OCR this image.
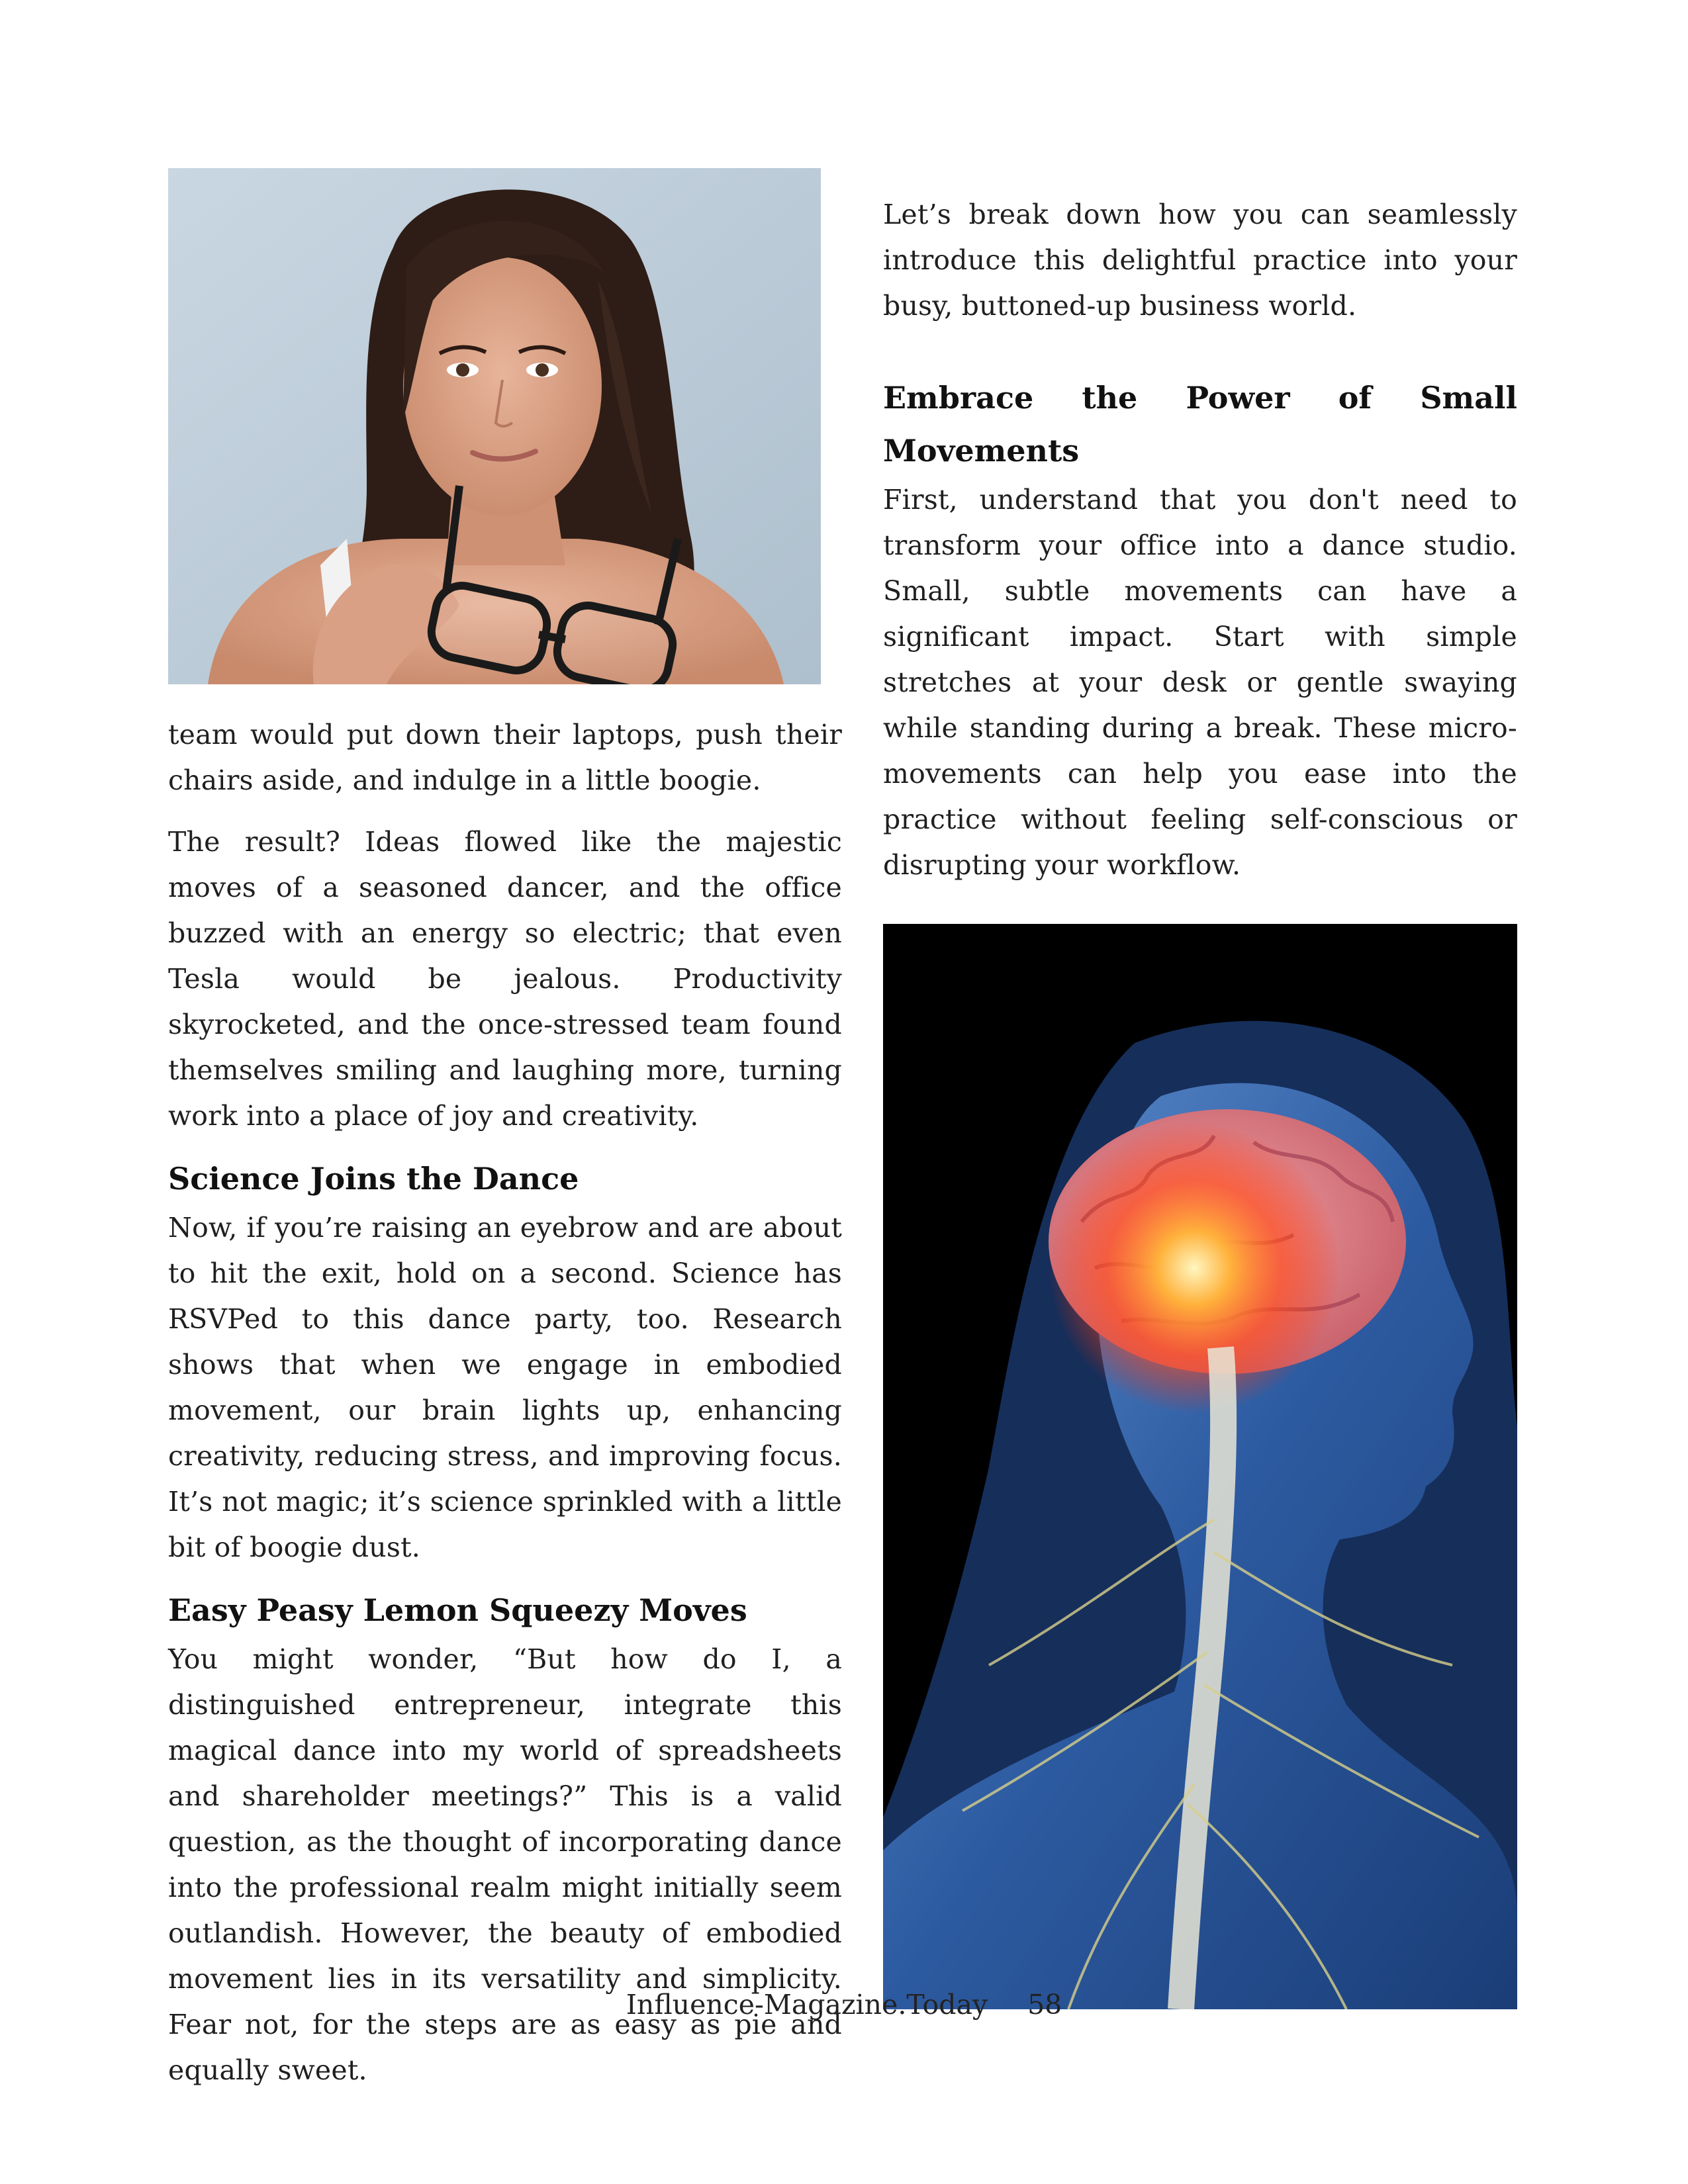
team would put down their laptops, push their chairs aside, and indulge in a little boogie.

The result? Ideas flowed like the majestic moves of a seasoned dancer, and the office buzzed with an energy so electric; that even Tesla would be jealous. Productivity skyrocketed, and the once-stressed team found themselves smiling and laughing more, turning work into a place of joy and creativity.

Science Joins the Dance

Now, if you’re raising an eyebrow and are about to hit the exit, hold on a second. Science has RSVPed to this dance party, too. Research shows that when we engage in embodied movement, our brain lights up, enhancing creativity, reducing stress, and improving focus. It’s not magic; it’s science sprinkled with a little bit of boogie dust.

Easy Peasy Lemon Squeezy Moves

You might wonder, “But how do I, a distinguished entrepreneur, integrate this magical dance into my world of spreadsheets and shareholder meetings?” This is a valid question, as the thought of incorporating dance into the professional realm might initially seem outlandish. However, the beauty of embodied movement lies in its versatility and simplicity. Fear not, for the steps are as easy as pie and equally sweet.

Let’s break down how you can seamlessly introduce this delightful practice into your busy, buttoned-up business world.

Embrace the Power of Small
Movements

First, understand that you don't need to transform your office into a dance studio. Small, subtle movements can have a significant impact. Start with simple stretches at your desk or gentle swaying while standing during a break. These micro-movements can help you ease into the practice without feeling self-conscious or disrupting your workflow.

Influence-Magazine.Today 58
